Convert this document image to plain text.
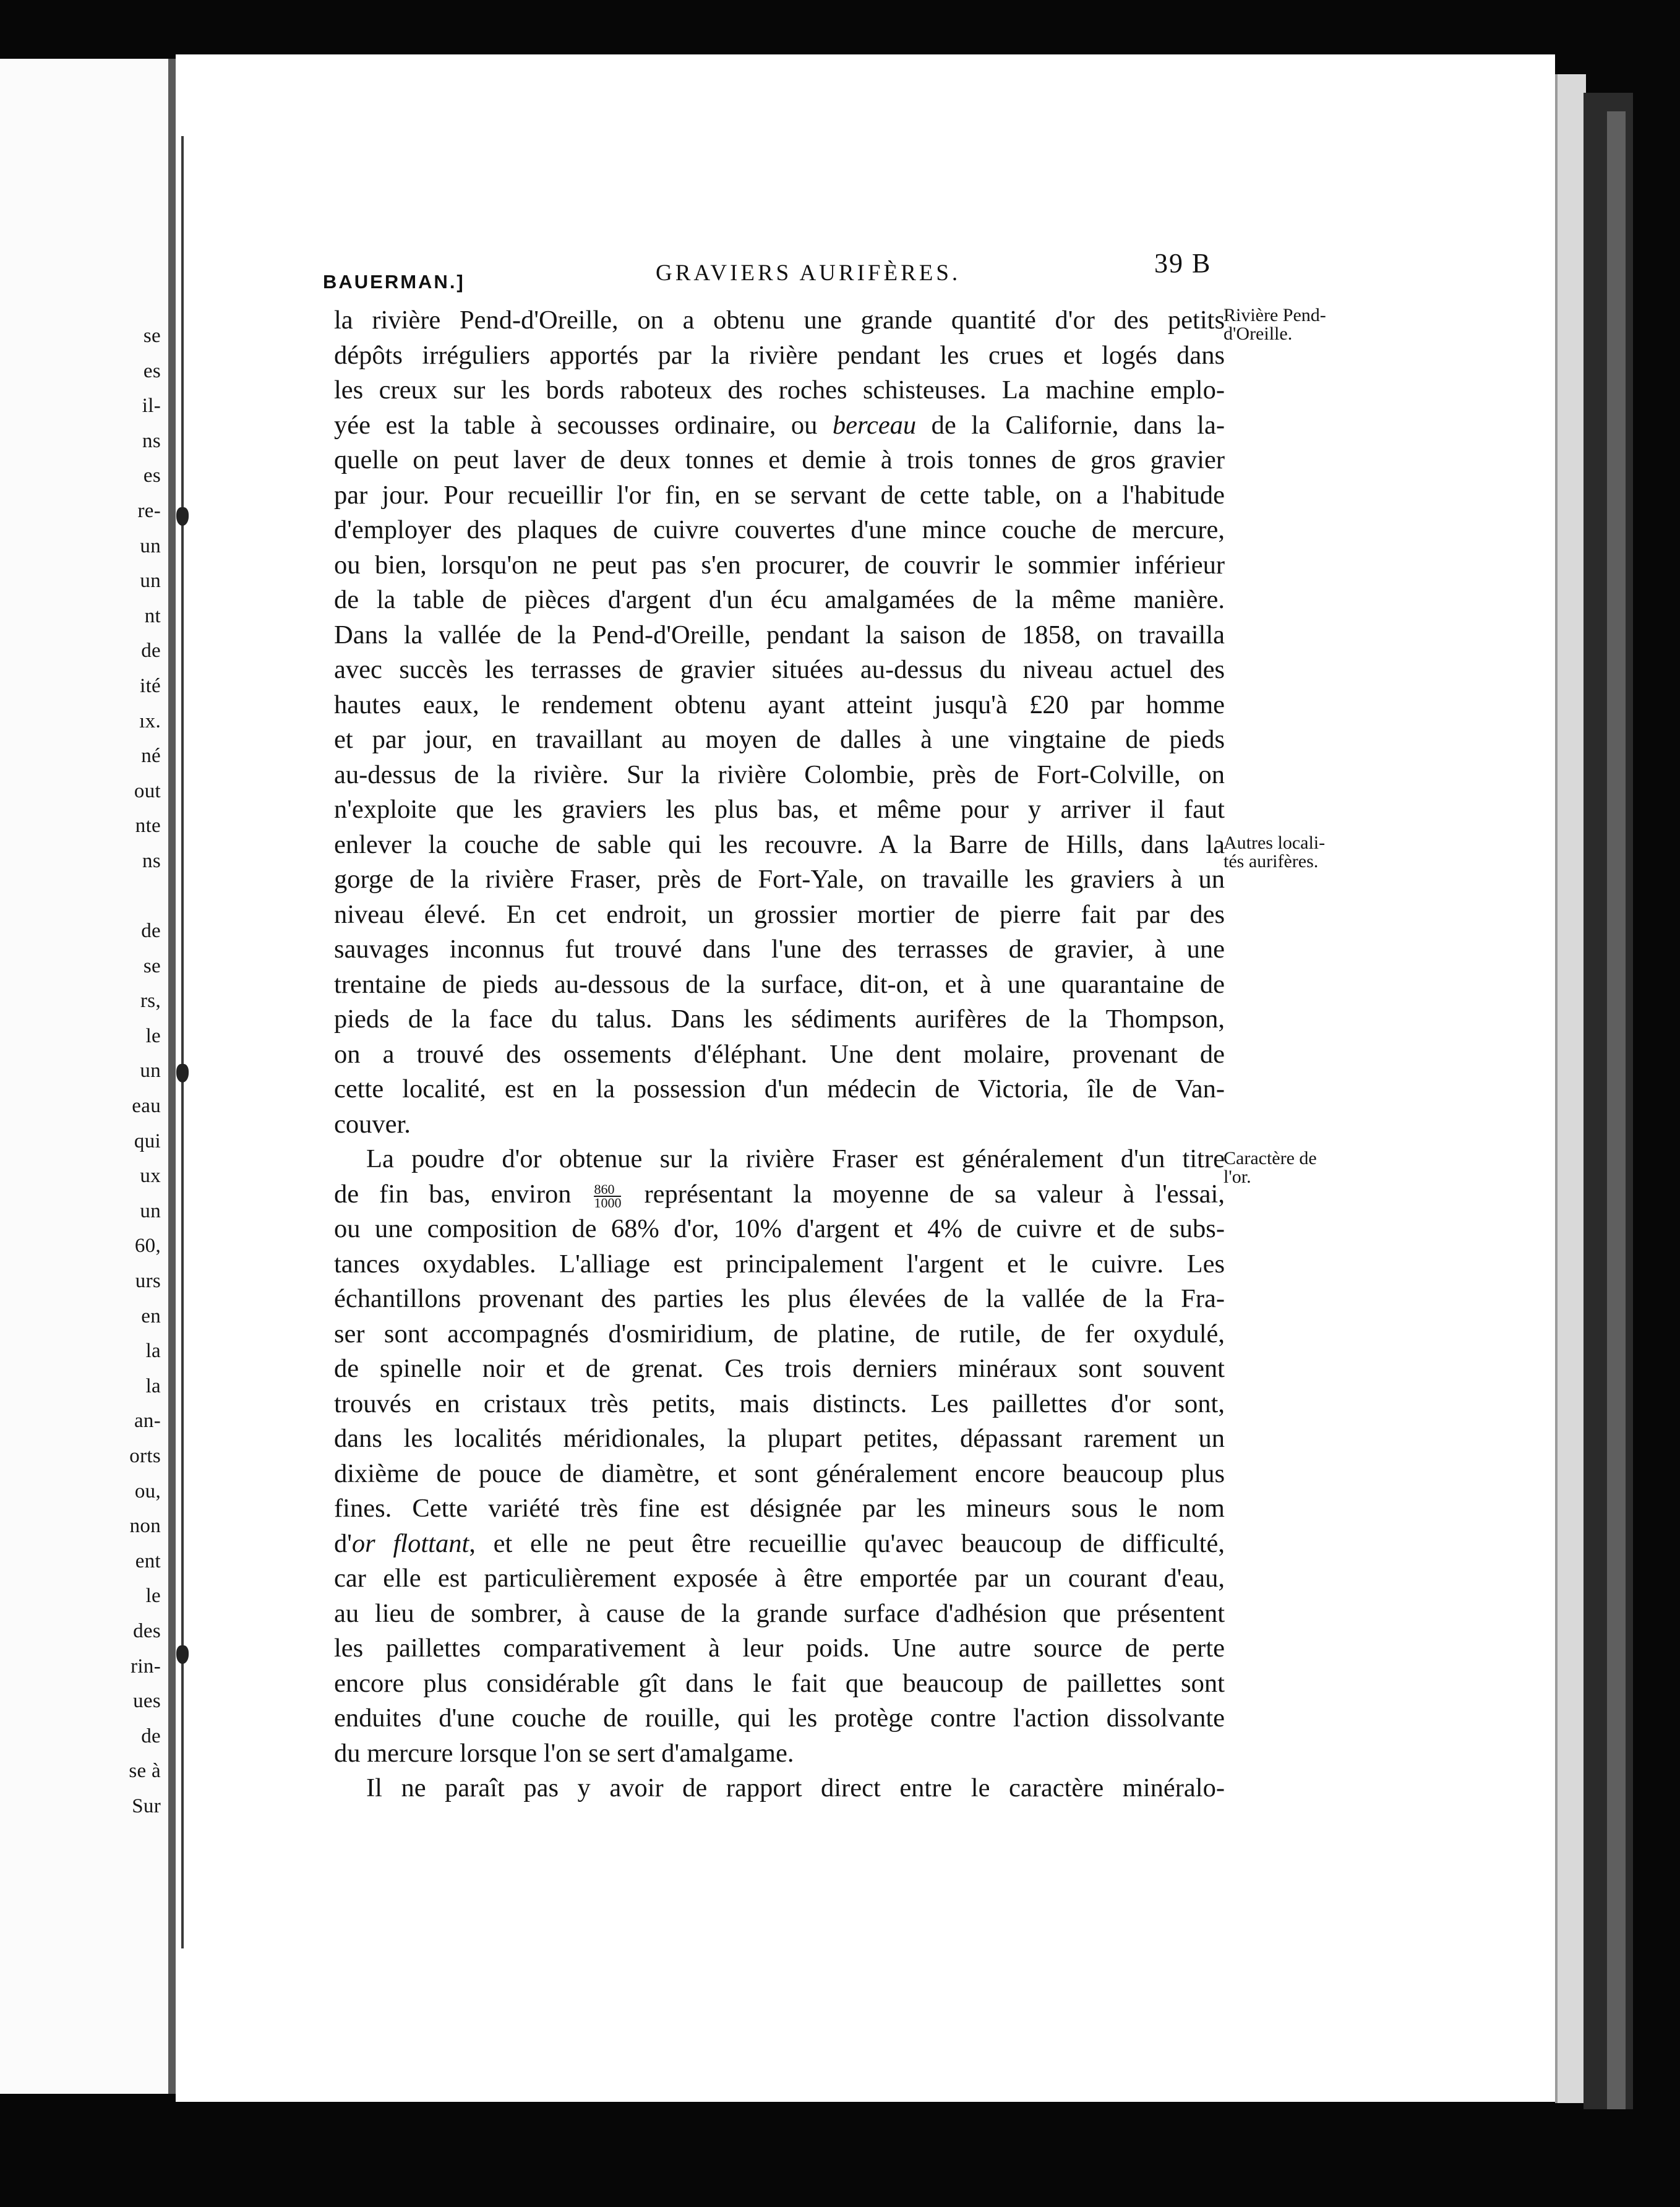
se
es
il-
ns
es
re-
un
un
nt
de
ité
ıx.
né
out
nte
ns
de
se
rs,
le
un
eau
qui
ux
un
60,
urs
en
la
la
an-
orts
ou,
non
ent
le
des
rin-
ues
de
se à
Sur
BAUERMAN.]	GRAVIERS AURIFÈRES.	39 B
la rivière Pend-d'Oreille, on a obtenu une grande quantité d'or des petits
dépôts irréguliers apportés par la rivière pendant les crues et logés dans
les creux sur les bords raboteux des roches schisteuses. La machine emplo-
yée est la table à secousses ordinaire, ou berceau de la Californie, dans la-
quelle on peut laver de deux tonnes et demie à trois tonnes de gros gravier
par jour. Pour recueillir l'or fin, en se servant de cette table, on a l'habitude
d'employer des plaques de cuivre couvertes d'une mince couche de mercure,
ou bien, lorsqu'on ne peut pas s'en procurer, de couvrir le sommier inférieur
de la table de pièces d'argent d'un écu amalgamées de la même manière.
Dans la vallée de la Pend-d'Oreille, pendant la saison de 1858, on travailla
avec succès les terrasses de gravier situées au-dessus du niveau actuel des
hautes eaux, le rendement obtenu ayant atteint jusqu'à £20 par homme
et par jour, en travaillant au moyen de dalles à une vingtaine de pieds
au-dessus de la rivière. Sur la rivière Colombie, près de Fort-Colville, on
n'exploite que les graviers les plus bas, et même pour y arriver il faut
enlever la couche de sable qui les recouvre. A la Barre de Hills, dans la
gorge de la rivière Fraser, près de Fort-Yale, on travaille les graviers à un
niveau élevé. En cet endroit, un grossier mortier de pierre fait par des
sauvages inconnus fut trouvé dans l'une des terrasses de gravier, à une
trentaine de pieds au-dessous de la surface, dit-on, et à une quarantaine de
pieds de la face du talus. Dans les sédiments aurifères de la Thompson,
on a trouvé des ossements d'éléphant. Une dent molaire, provenant de
cette localité, est en la possession d'un médecin de Victoria, île de Van-
couver.
La poudre d'or obtenue sur la rivière Fraser est généralement d'un titre
de fin bas, environ $\frac{860}{1000}$ représentant la moyenne de sa valeur à l'essai,
ou une composition de 68% d'or, 10% d'argent et 4% de cuivre et de subs-
tances oxydables. L'alliage est principalement l'argent et le cuivre. Les
échantillons provenant des parties les plus élevées de la vallée de la Fra-
ser sont accompagnés d'osmiridium, de platine, de rutile, de fer oxydulé,
de spinelle noir et de grenat. Ces trois derniers minéraux sont souvent
trouvés en cristaux très petits, mais distincts. Les paillettes d'or sont,
dans les localités méridionales, la plupart petites, dépassant rarement un
dixième de pouce de diamètre, et sont généralement encore beaucoup plus
fines. Cette variété très fine est désignée par les mineurs sous le nom
d'or flottant, et elle ne peut être recueillie qu'avec beaucoup de difficulté,
car elle est particulièrement exposée à être emportée par un courant d'eau,
au lieu de sombrer, à cause de la grande surface d'adhésion que présentent
les paillettes comparativement à leur poids. Une autre source de perte
encore plus considérable gît dans le fait que beaucoup de paillettes sont
enduites d'une couche de rouille, qui les protège contre l'action dissolvante
du mercure lorsque l'on se sert d'amalgame.
Il ne paraît pas y avoir de rapport direct entre le caractère minéralo-
Rivière Pend-
d'Oreille.
Autres locali-
tés aurifères.
Caractère de
l'or.
